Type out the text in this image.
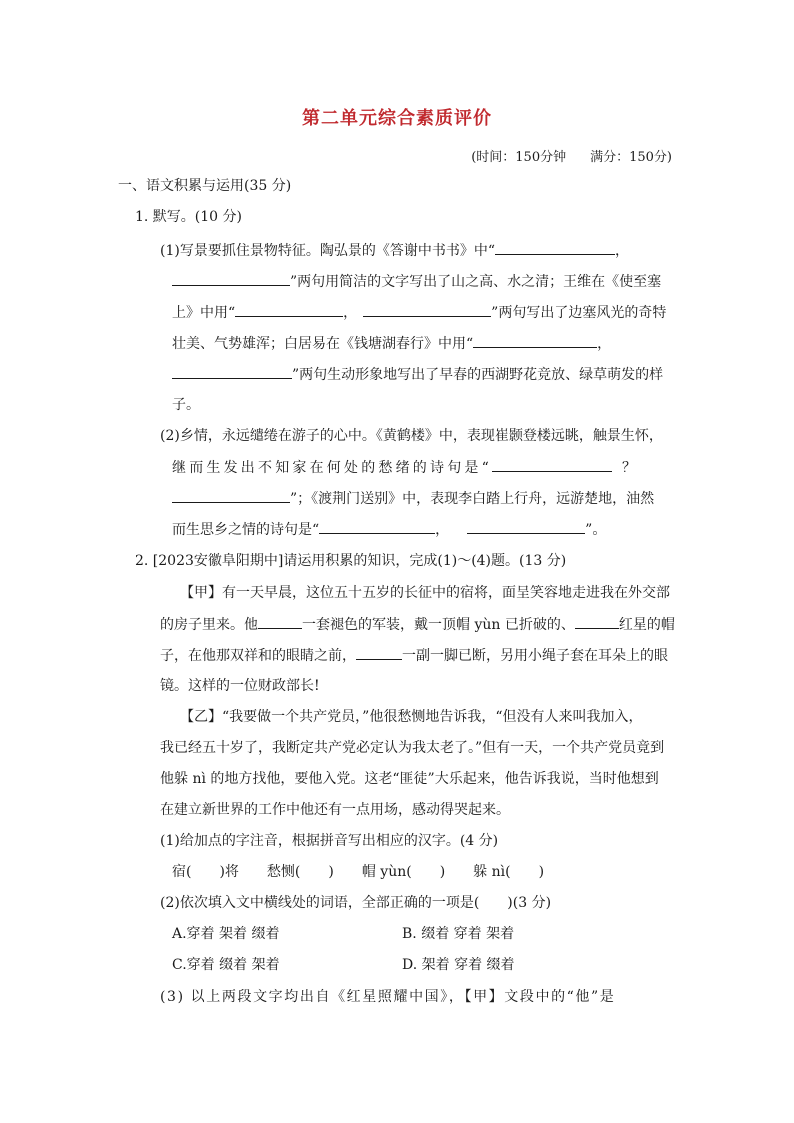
第二单元综合素质评价
(时间：150分钟 满分：150分)
一、语文积累与运用(35 分)
1. 默写。(10 分)
(1)写景要抓住景物特征。陶弘景的《答谢中书书》中“	，
”两句用简洁的文字写出了山之高、水之清；王维在《使至塞
上》中用“	，	”两句写出了边塞风光的奇特
壮美、气势雄浑；白居易在《钱塘湖春行》中用“	，
”两句生动形象地写出了早春的西湖野花竞放、绿草萌发的样
子。
(2)乡情，永远缱绻在游子的心中。《黄鹤楼》中，表现崔颢登楼远眺，触景生怀，
继而生发出不知家在何处的愁绪的诗句是“	？
”；《渡荆门送别》中，表现李白踏上行舟，远游楚地，油然
而生思乡之情的诗句是“	，	”。
2. [2023安徽阜阳期中]请运用积累的知识，完成(1)～(4)题。(13 分)
【甲】有一天早晨，这位五十五岁的长征中的宿将，面呈笑容地走进我在外交部
的房子里来。他	一套褪色的军装，戴一顶帽 yùn 已折破的、	红星的帽
子，在他那双祥和的眼睛之前，	一副一脚已断，另用小绳子套在耳朵上的眼
镜。这样的一位财政部长!
【乙】“我要做一个共产党员，”他很愁恻地告诉我，“但没有人来叫我加入，
我已经五十岁了，我断定共产党必定认为我太老了。”但有一天，一个共产党员竟到
他躲 nì 的地方找他，要他入党。这老“匪徒”大乐起来，他告诉我说，当时他想到
在建立新世界的工作中他还有一点用场，感动得哭起来。
(1)给加点的字注音，根据拼音写出相应的汉字。(4 分)
宿(　　)将　　愁恻(　　)　　帽 yùn(　　)　　躲 nì(　　)
(2)依次填入文中横线处的词语，全部正确的一项是(　　)(3 分)
A.穿着 架着 缀着	B. 缀着 穿着 架着
C.穿着 缀着 架着	D. 架着 穿着 缀着
(3) 以上两段文字均出自《红星照耀中国》，【甲】文段中的“他”是
